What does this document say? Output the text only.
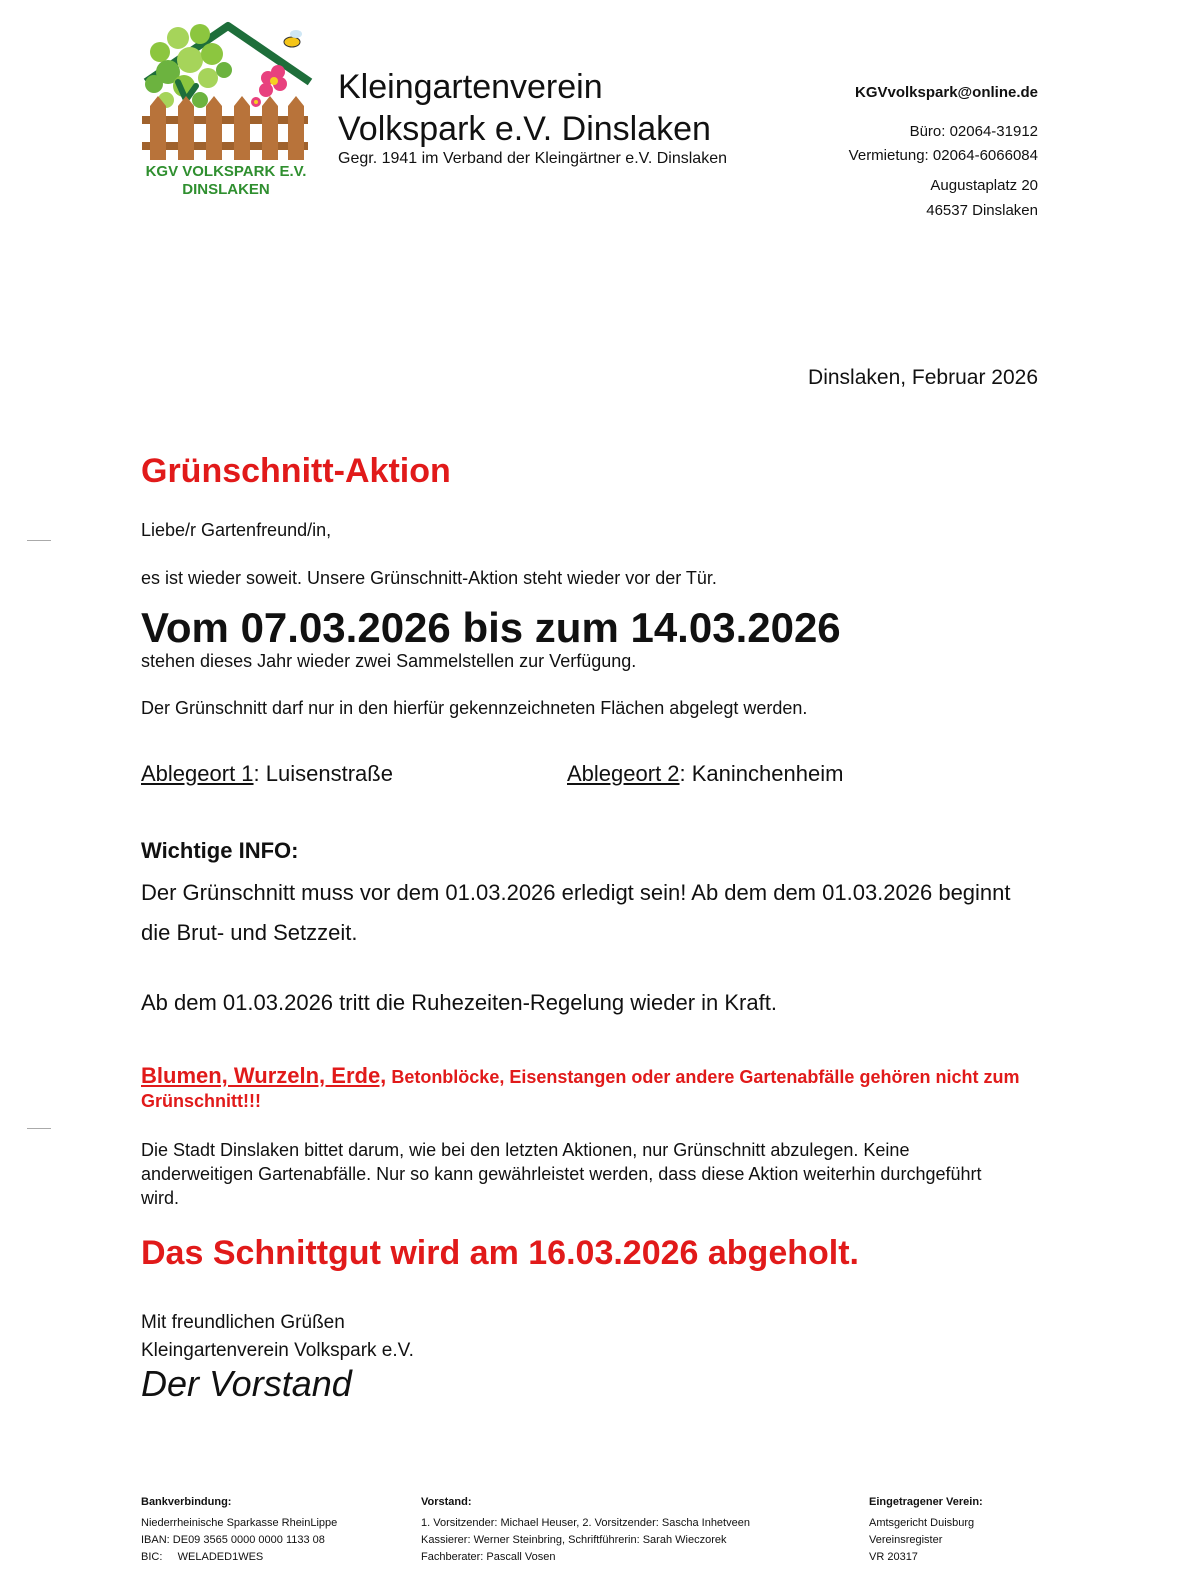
KGV VOLKSPARK E.V.
DINSLAKEN
Kleingartenverein
Volkspark e.V. Dinslaken
Gegr. 1941 im Verband der Kleingärtner e.V. Dinslaken
KGVvolkspark@online.de
Büro: 02064-31912
Vermietung: 02064-6066084
Augustaplatz 20
46537 Dinslaken
Dinslaken, Februar 2026
Grünschnitt-Aktion
Liebe/r Gartenfreund/in,
es ist wieder soweit. Unsere Grünschnitt-Aktion steht wieder vor der Tür.
Vom 07.03.2026 bis zum 14.03.2026
stehen dieses Jahr wieder zwei Sammelstellen zur Verfügung.
Der Grünschnitt darf nur in den hierfür gekennzeichneten Flächen abgelegt werden.
Ablegeort 1: Luisenstraße	Ablegeort 2: Kaninchenheim
Wichtige INFO:
Der Grünschnitt muss vor dem 01.03.2026 erledigt sein! Ab dem dem 01.03.2026 beginnt die Brut- und Setzzeit.
Ab dem 01.03.2026 tritt die Ruhezeiten-Regelung wieder in Kraft.
Blumen, Wurzeln, Erde, Betonblöcke, Eisenstangen oder andere Gartenabfälle gehören nicht zum Grünschnitt!!!
Die Stadt Dinslaken bittet darum, wie bei den letzten Aktionen, nur Grünschnitt abzulegen. Keine anderweitigen Gartenabfälle. Nur so kann gewährleistet werden, dass diese Aktion weiterhin durchgeführt wird.
Das Schnittgut wird am 16.03.2026 abgeholt.
Mit freundlichen Grüßen
Kleingartenverein Volkspark e.V.
Der Vorstand
Bankverbindung:
Niederrheinische Sparkasse RheinLippe
IBAN: DE09 3565 0000 0000 1133 08
BIC:     WELADED1WES
Vorstand:
1. Vorsitzender: Michael Heuser, 2. Vorsitzender: Sascha Inhetveen
Kassierer: Werner Steinbring, Schriftführerin: Sarah Wieczorek
Fachberater: Pascall Vosen
Eingetragener Verein:
Amtsgericht Duisburg
Vereinsregister
VR 20317
